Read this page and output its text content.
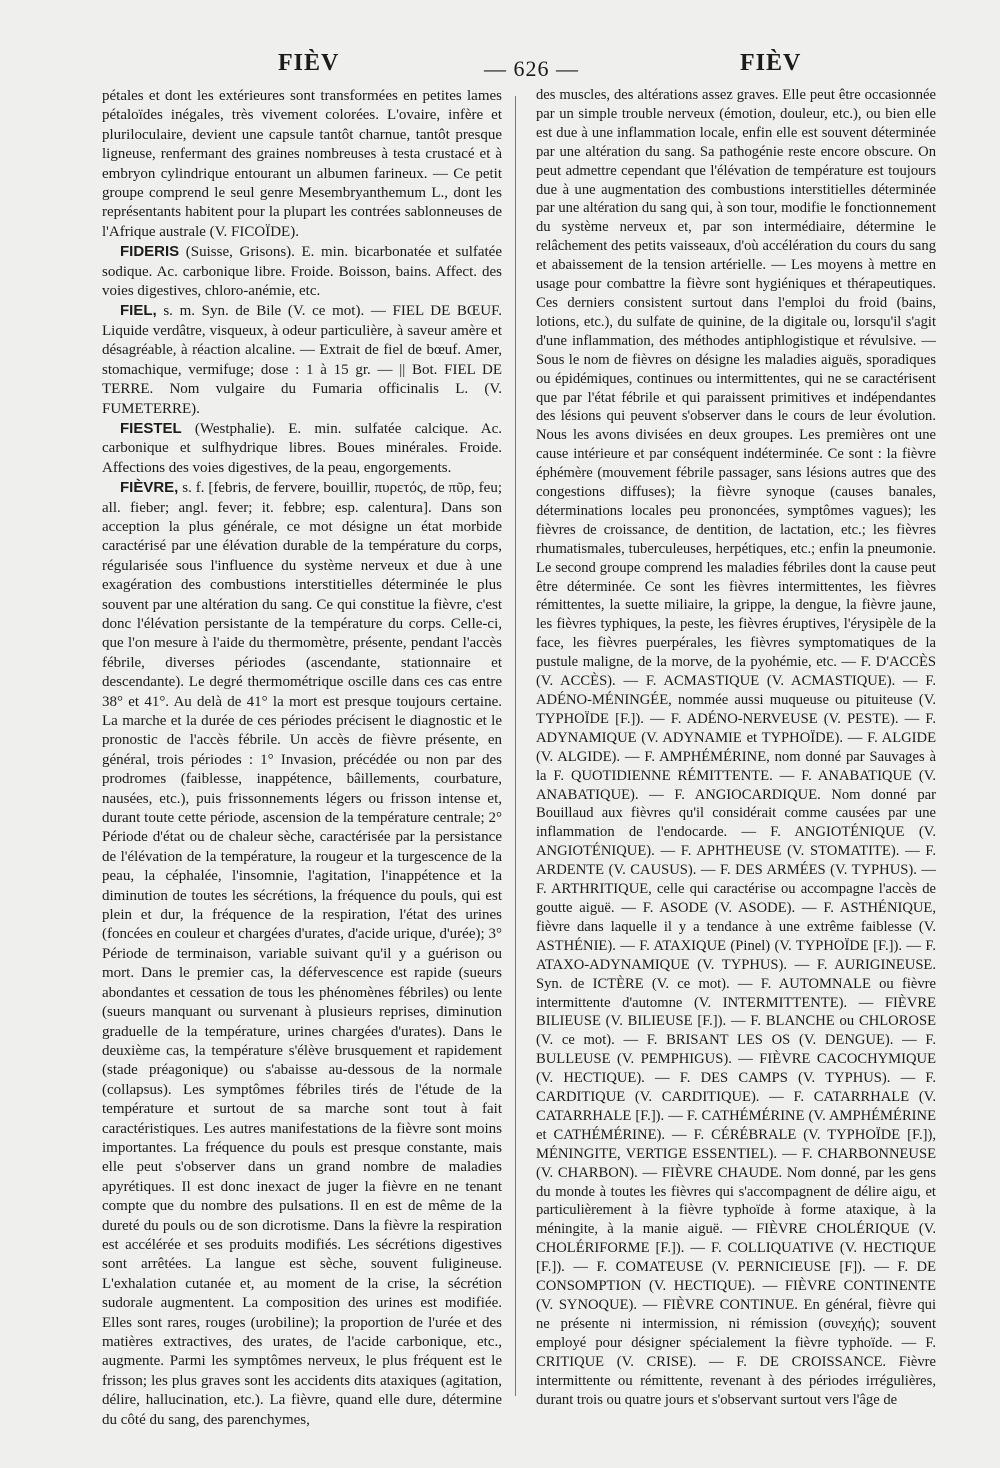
FIÈV	— 626 —	FIÈV

pétales et dont les extérieures sont transformées en petites lames pétaloïdes inégales, très vivement colorées. L'ovaire, infère et pluriloculaire, devient une capsule tantôt charnue, tantôt presque ligneuse, renfermant des graines nombreuses à testa crustacé et à embryon cylindrique entourant un albumen farineux. — Ce petit groupe comprend le seul genre Mesembryanthemum L., dont les représentants habitent pour la plupart les contrées sablonneuses de l'Afrique australe (V. FICOÏDE).

FIDERIS (Suisse, Grisons). E. min. bicarbonatée et sulfatée sodique. Ac. carbonique libre. Froide. Boisson, bains. Affect. des voies digestives, chloro-anémie, etc.

FIEL, s. m. Syn. de Bile (V. ce mot). — FIEL DE BŒUF. Liquide verdâtre, visqueux, à odeur particulière, à saveur amère et désagréable, à réaction alcaline. — Extrait de fiel de bœuf. Amer, stomachique, vermifuge; dose : 1 à 15 gr. — || Bot. FIEL DE TERRE. Nom vulgaire du Fumaria officinalis L. (V. FUMETERRE).

FIESTEL (Westphalie). E. min. sulfatée calcique. Ac. carbonique et sulfhydrique libres. Boues minérales. Froide. Affections des voies digestives, de la peau, engorgements.

FIÈVRE, s. f. [febris, de fervere, bouillir, πυρετός, de πῦρ, feu; all. fieber; angl. fever; it. febbre; esp. calentura]. Dans son acception la plus générale, ce mot désigne un état morbide caractérisé par une élévation durable de la température du corps, régularisée sous l'influence du système nerveux et due à une exagération des combustions interstitielles déterminée le plus souvent par une altération du sang. Ce qui constitue la fièvre, c'est donc l'élévation persistante de la température du corps. Celle-ci, que l'on mesure à l'aide du thermomètre, présente, pendant l'accès fébrile, diverses périodes (ascendante, stationnaire et descendante). Le degré thermométrique oscille dans ces cas entre 38° et 41°. Au delà de 41° la mort est presque toujours certaine. La marche et la durée de ces périodes précisent le diagnostic et le pronostic de l'accès fébrile. Un accès de fièvre présente, en général, trois périodes : 1° Invasion, précédée ou non par des prodromes (faiblesse, inappétence, bâillements, courbature, nausées, etc.), puis frissonnements légers ou frisson intense et, durant toute cette période, ascension de la température centrale; 2° Période d'état ou de chaleur sèche, caractérisée par la persistance de l'élévation de la température, la rougeur et la turgescence de la peau, la céphalée, l'insomnie, l'agitation, l'inappétence et la diminution de toutes les sécrétions, la fréquence du pouls, qui est plein et dur, la fréquence de la respiration, l'état des urines (foncées en couleur et chargées d'urates, d'acide urique, d'urée); 3° Période de terminaison, variable suivant qu'il y a guérison ou mort. Dans le premier cas, la défervescence est rapide (sueurs abondantes et cessation de tous les phénomènes fébriles) ou lente (sueurs manquant ou survenant à plusieurs reprises, diminution graduelle de la température, urines chargées d'urates). Dans le deuxième cas, la température s'élève brusquement et rapidement (stade préagonique) ou s'abaisse au-dessous de la normale (collapsus). Les symptômes fébriles tirés de l'étude de la température et surtout de sa marche sont tout à fait caractéristiques. Les autres manifestations de la fièvre sont moins importantes. La fréquence du pouls est presque constante, mais elle peut s'observer dans un grand nombre de maladies apyrétiques. Il est donc inexact de juger la fièvre en ne tenant compte que du nombre des pulsations. Il en est de même de la dureté du pouls ou de son dicrotisme. Dans la fièvre la respiration est accélérée et ses produits modifiés. Les sécrétions digestives sont arrêtées. La langue est sèche, souvent fuligineuse. L'exhalation cutanée et, au moment de la crise, la sécrétion sudorale augmentent. La composition des urines est modifiée. Elles sont rares, rouges (urobiline); la proportion de l'urée et des matières extractives, des urates, de l'acide carbonique, etc., augmente. Parmi les symptômes nerveux, le plus fréquent est le frisson; les plus graves sont les accidents dits ataxiques (agitation, délire, hallucination, etc.). La fièvre, quand elle dure, détermine du côté du sang, des parenchymes,

des muscles, des altérations assez graves. Elle peut être occasionnée par un simple trouble nerveux (émotion, douleur, etc.), ou bien elle est due à une inflammation locale, enfin elle est souvent déterminée par une altération du sang. Sa pathogénie reste encore obscure. On peut admettre cependant que l'élévation de température est toujours due à une augmentation des combustions interstitielles déterminée par une altération du sang qui, à son tour, modifie le fonctionnement du système nerveux et, par son intermédiaire, détermine le relâchement des petits vaisseaux, d'où accélération du cours du sang et abaissement de la tension artérielle. — Les moyens à mettre en usage pour combattre la fièvre sont hygiéniques et thérapeutiques. Ces derniers consistent surtout dans l'emploi du froid (bains, lotions, etc.), du sulfate de quinine, de la digitale ou, lorsqu'il s'agit d'une inflammation, des méthodes antiphlogistique et révulsive. — Sous le nom de fièvres on désigne les maladies aiguës, sporadiques ou épidémiques, continues ou intermittentes, qui ne se caractérisent que par l'état fébrile et qui paraissent primitives et indépendantes des lésions qui peuvent s'observer dans le cours de leur évolution. Nous les avons divisées en deux groupes. Les premières ont une cause intérieure et par conséquent indéterminée. Ce sont : la fièvre éphémère (mouvement fébrile passager, sans lésions autres que des congestions diffuses); la fièvre synoque (causes banales, déterminations locales peu prononcées, symptômes vagues); les fièvres de croissance, de dentition, de lactation, etc.; les fièvres rhumatismales, tuberculeuses, herpétiques, etc.; enfin la pneumonie. Le second groupe comprend les maladies fébriles dont la cause peut être déterminée. Ce sont les fièvres intermittentes, les fièvres rémittentes, la suette miliaire, la grippe, la dengue, la fièvre jaune, les fièvres typhiques, la peste, les fièvres éruptives, l'érysipèle de la face, les fièvres puerpérales, les fièvres symptomatiques de la pustule maligne, de la morve, de la pyohémie, etc. — F. D'ACCÈS (V. ACCÈS). — F. ACMASTIQUE (V. ACMASTIQUE). — F. ADÉNO-MÉNINGÉE, nommée aussi muqueuse ou pituiteuse (V. TYPHOÏDE [F.]). — F. ADÉNO-NERVEUSE (V. PESTE). — F. ADYNAMIQUE (V. ADYNAMIE et TYPHOÏDE). — F. ALGIDE (V. ALGIDE). — F. AMPHÉMÉRINE, nom donné par Sauvages à la F. QUOTIDIENNE RÉMITTENTE. — F. ANABATIQUE (V. ANABATIQUE). — F. ANGIOCARDIQUE. Nom donné par Bouillaud aux fièvres qu'il considérait comme causées par une inflammation de l'endocarde. — F. ANGIOTÉNIQUE (V. ANGIOTÉNIQUE). — F. APHTHEUSE (V. STOMATITE). — F. ARDENTE (V. CAUSUS). — F. DES ARMÉES (V. TYPHUS). — F. ARTHRITIQUE, celle qui caractérise ou accompagne l'accès de goutte aiguë. — F. ASODE (V. ASODE). — F. ASTHÉNIQUE, fièvre dans laquelle il y a tendance à une extrême faiblesse (V. ASTHÉNIE). — F. ATAXIQUE (Pinel) (V. TYPHOÏDE [F.]). — F. ATAXO-ADYNAMIQUE (V. TYPHUS). — F. AURIGINEUSE. Syn. de ICTÈRE (V. ce mot). — F. AUTOMNALE ou fièvre intermittente d'automne (V. INTERMITTENTE). — FIÈVRE BILIEUSE (V. BILIEUSE [F.]). — F. BLANCHE ou CHLOROSE (V. ce mot). — F. BRISANT LES OS (V. DENGUE). — F. BULLEUSE (V. PEMPHIGUS). — FIÈVRE CACOCHYMIQUE (V. HECTIQUE). — F. DES CAMPS (V. TYPHUS). — F. CARDITIQUE (V. CARDITIQUE). — F. CATARRHALE (V. CATARRHALE [F.]). — F. CATHÉMÉRINE (V. AMPHÉMÉRINE et CATHÉMÉRINE). — F. CÉRÉBRALE (V. TYPHOÏDE [F.]), MÉNINGITE, VERTIGE ESSENTIEL). — F. CHARBONNEUSE (V. CHARBON). — FIÈVRE CHAUDE. Nom donné, par les gens du monde à toutes les fièvres qui s'accompagnent de délire aigu, et particulièrement à la fièvre typhoïde à forme ataxique, à la méningite, à la manie aiguë. — FIÈVRE CHOLÉRIQUE (V. CHOLÉRIFORME [F.]). — F. COLLIQUATIVE (V. HECTIQUE [F.]). — F. COMATEUSE (V. PERNICIEUSE [F]). — F. DE CONSOMPTION (V. HECTIQUE). — FIÈVRE CONTINENTE (V. SYNOQUE). — FIÈVRE CONTINUE. En général, fièvre qui ne présente ni intermission, ni rémission (συνεχής); souvent employé pour désigner spécialement la fièvre typhoïde. — F. CRITIQUE (V. CRISE). — F. DE CROISSANCE. Fièvre intermittente ou rémittente, revenant à des périodes irrégulières, durant trois ou quatre jours et s'observant surtout vers l'âge de
